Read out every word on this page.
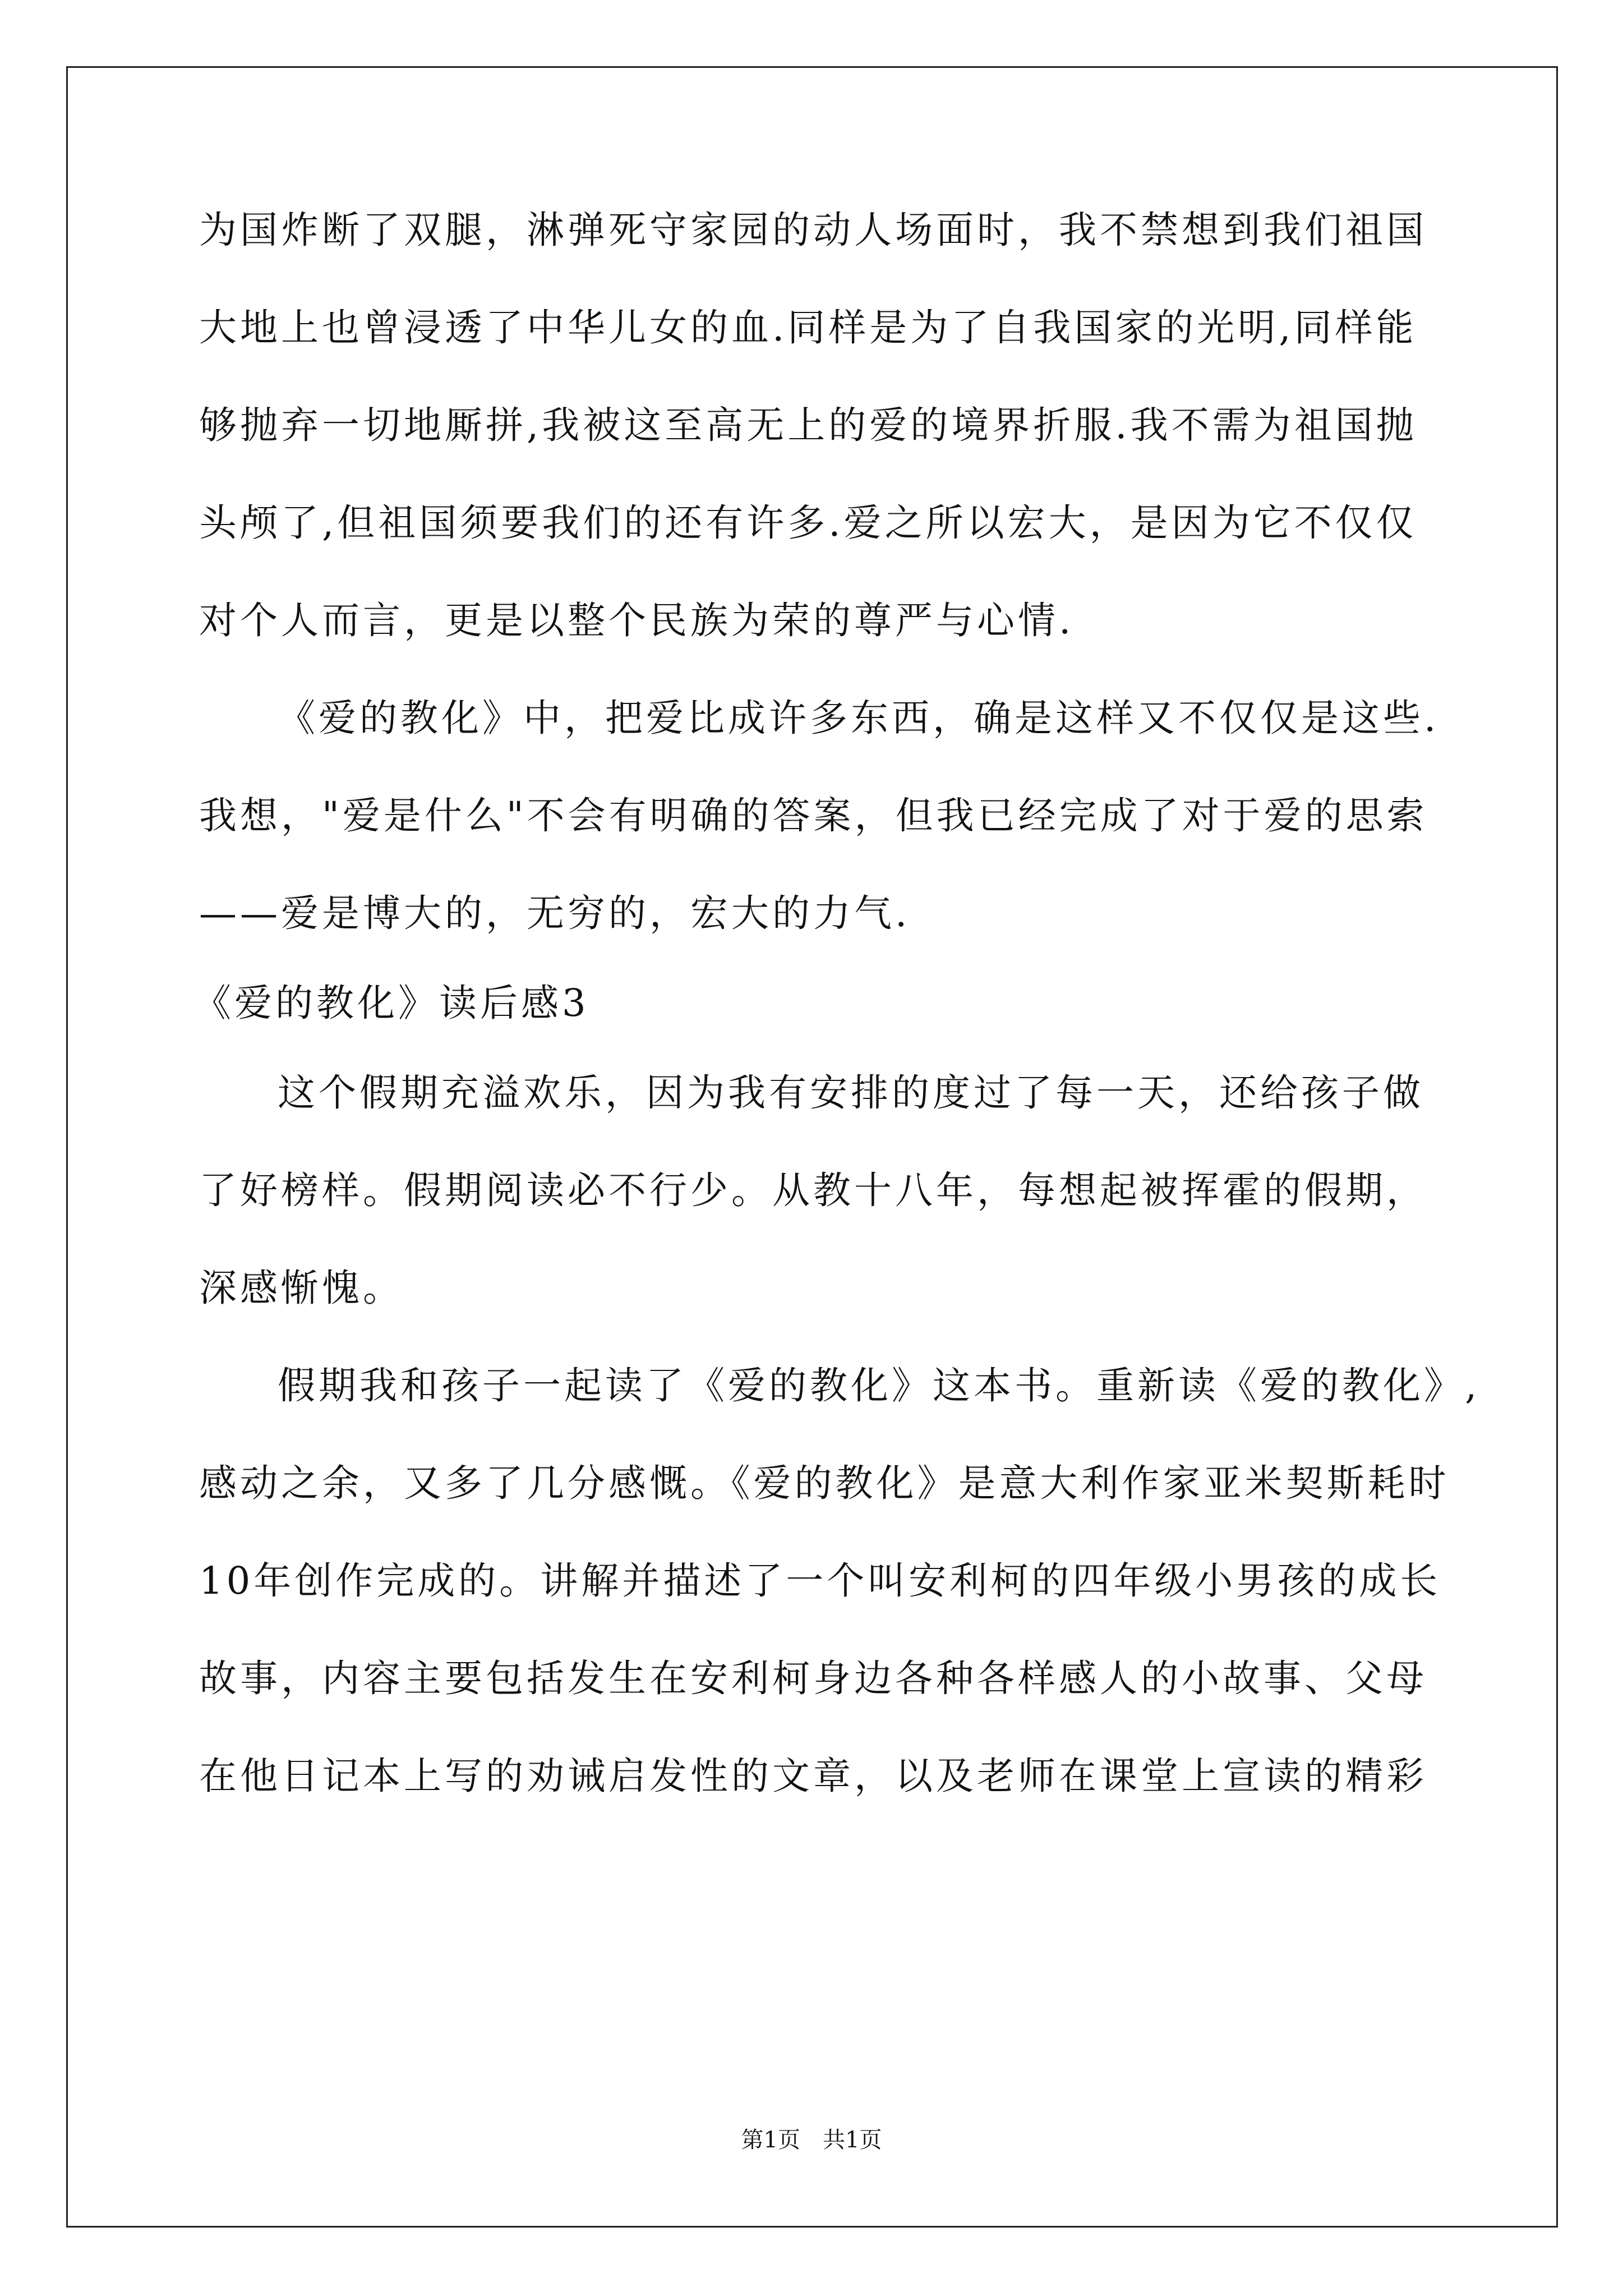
为国炸断了双腿，淋弹死守家园的动人场面时，我不禁想到我们祖国
大地上也曾浸透了中华儿女的血.同样是为了自我国家的光明,同样能
够抛弃一切地厮拼,我被这至高无上的爱的境界折服.我不需为祖国抛
头颅了,但祖国须要我们的还有许多.爱之所以宏大，是因为它不仅仅
对个人而言，更是以整个民族为荣的尊严与心情.
《爱的教化》中，把爱比成许多东西，确是这样又不仅仅是这些.
我想，"爱是什么"不会有明确的答案，但我已经完成了对于爱的思索
——爱是博大的，无穷的，宏大的力气.
《爱的教化》读后感3
这个假期充溢欢乐，因为我有安排的度过了每一天，还给孩子做
了好榜样。假期阅读必不行少。从教十八年，每想起被挥霍的假期，
深感惭愧。
假期我和孩子一起读了《爱的教化》这本书。重新读《爱的教化》,
感动之余，又多了几分感慨。《爱的教化》是意大利作家亚米契斯耗时
10年创作完成的。讲解并描述了一个叫安利柯的四年级小男孩的成长
故事，内容主要包括发生在安利柯身边各种各样感人的小故事、父母
在他日记本上写的劝诫启发性的文章，以及老师在课堂上宣读的精彩
第1页　共1页
